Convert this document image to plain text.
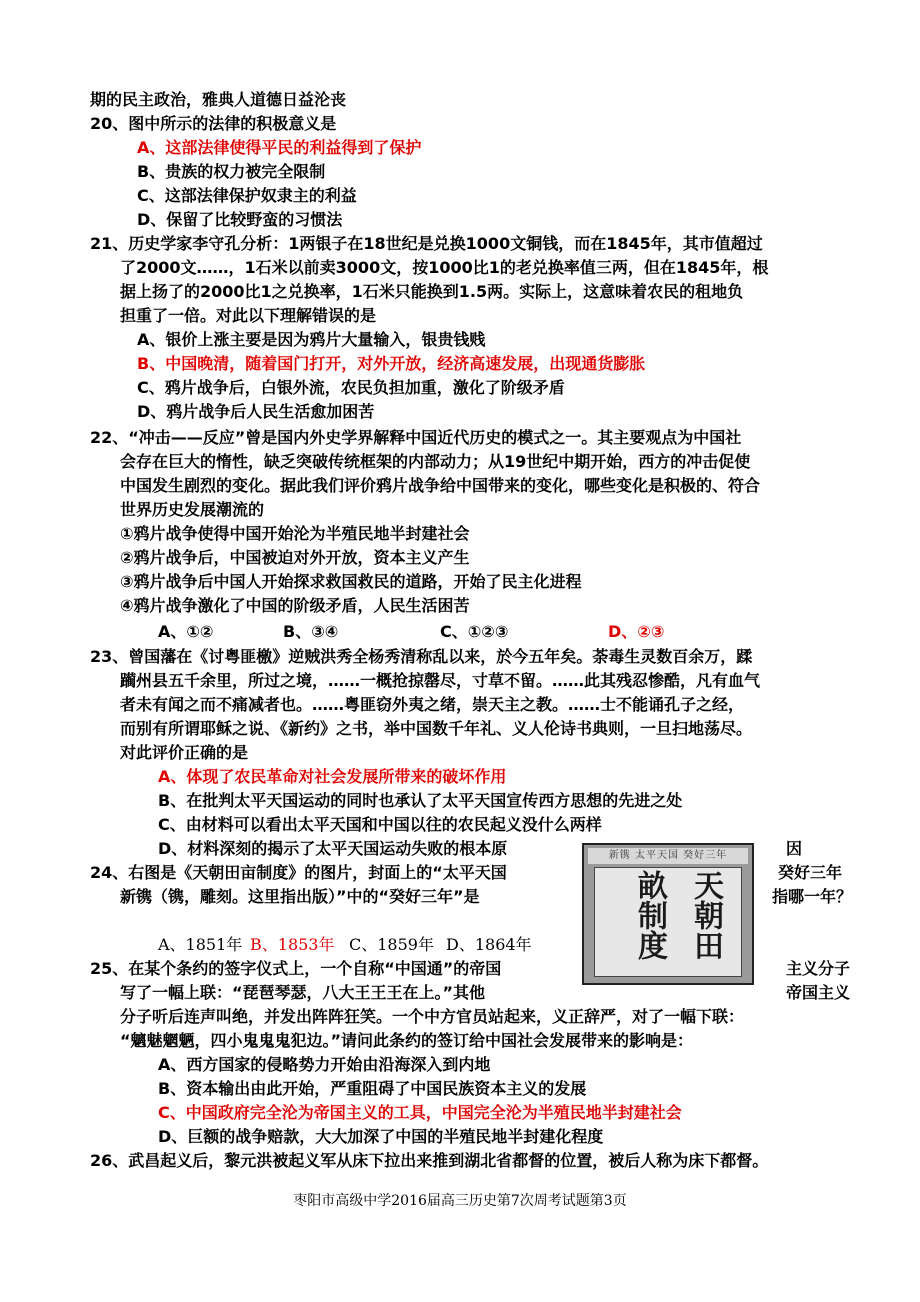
期的民主政治，雅典人道德日益沦丧
20、图中所示的法律的积极意义是
A、这部法律使得平民的利益得到了保护
B、贵族的权力被完全限制
C、这部法律保护奴隶主的利益
D、保留了比较野蛮的习惯法
21、历史学家李守孔分析：1两银子在18世纪是兑换1000文铜钱，而在1845年，其市值超过
了2000文……，1石米以前卖3000文，按1000比1的老兑换率值三两，但在1845年，根
据上扬了的2000比1之兑换率，1石米只能换到1.5两。实际上，这意味着农民的租地负
担重了一倍。对此以下理解错误的是
A、银价上涨主要是因为鸦片大量输入，银贵钱贱
B、中国晚清，随着国门打开，对外开放，经济高速发展，出现通货膨胀
C、鸦片战争后，白银外流，农民负担加重，激化了阶级矛盾
D、鸦片战争后人民生活愈加困苦
22、“冲击——反应”曾是国内外史学界解释中国近代历史的模式之一。其主要观点为中国社
会存在巨大的惰性，缺乏突破传统框架的内部动力；从19世纪中期开始，西方的冲击促使
中国发生剧烈的变化。据此我们评价鸦片战争给中国带来的变化，哪些变化是积极的、符合
世界历史发展潮流的
①鸦片战争使得中国开始沦为半殖民地半封建社会
②鸦片战争后，中国被迫对外开放，资本主义产生
③鸦片战争后中国人开始探求救国救民的道路，开始了民主化进程
④鸦片战争激化了中国的阶级矛盾，人民生活困苦
A、①②	B、③④	C、①②③	D、②③
23、曾国藩在《讨粤匪檄》逆贼洪秀全杨秀清称乱以来，於今五年矣。荼毒生灵数百余万，蹂
躏州县五千余里，所过之境，……一概抢掠罄尽，寸草不留。……此其残忍惨酷，凡有血气
者未有闻之而不痛减者也。……粤匪窃外夷之绪，崇天主之教。……士不能诵孔子之经，
而别有所谓耶稣之说、《新约》之书，举中国数千年礼、义人伦诗书典则，一旦扫地荡尽。
对此评价正确的是
A、体现了农民革命对社会发展所带来的破坏作用
B、在批判太平天国运动的同时也承认了太平天国宣传西方思想的先进之处
C、由材料可以看出太平天国和中国以往的农民起义没什么两样
D、材料深刻的揭示了太平天国运动失败的根本原	因
24、右图是《天朝田亩制度》的图片，封面上的“太平天国	癸好三年
新镌（镌，雕刻。这里指出版）”中的“癸好三年”是	指哪一年？
A、1851年 B、1853年 C、1859年 D、1864年
新镌 太平天国 癸好三年
天朝田
畝制度
25、在某个条约的签字仪式上，一个自称“中国通”的帝国	主义分子
写了一幅上联：“琵琶琴瑟，八大王王王在上。”其他	帝国主义
分子听后连声叫绝，并发出阵阵狂笑。一个中方官员站起来，义正辞严，对了一幅下联：
“魑魅魍魉，四小鬼鬼鬼犯边。”请问此条约的签订给中国社会发展带来的影响是：
A、西方国家的侵略势力开始由沿海深入到内地
B、资本输出由此开始，严重阻碍了中国民族资本主义的发展
C、中国政府完全沦为帝国主义的工具，中国完全沦为半殖民地半封建社会
D、巨额的战争赔款，大大加深了中国的半殖民地半封建化程度
26、武昌起义后，黎元洪被起义军从床下拉出来推到湖北省都督的位置，被后人称为床下都督。
枣阳市高级中学2016届高三历史第7次周考试题第3页
